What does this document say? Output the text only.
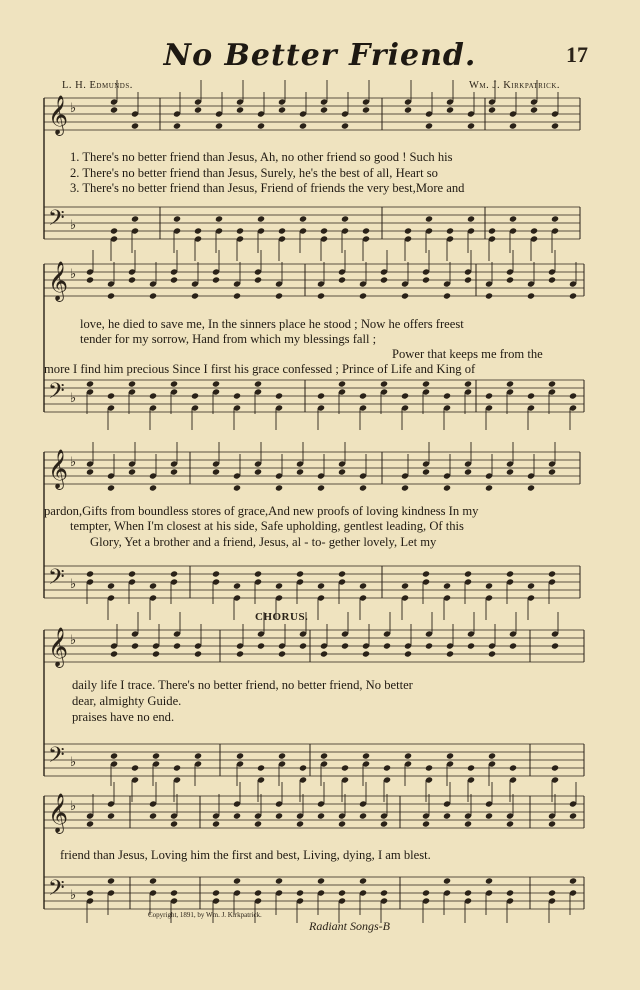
No Better Friend.	17
L. H. Edmunds.	Wm. J. Kirkpatrick.
𝄞 ♭
𝄢 ♭
𝄞 ♭
𝄢 ♭
𝄞 ♭
𝄢 ♭
𝄞 ♭
𝄢 ♭
𝄞 ♭
𝄢 ♭
1. There's no better friend than Jesus, Ah, no other friend so good ! Such his
2. There's no better friend than Jesus, Surely, he's the best of all, Heart so
3. There's no better friend than Jesus, Friend of friends the very best,More and
love, he died to save me, In the sinners place he stood ; Now he offers freest
tender for my sorrow, Hand from which my blessings fall ;
Power that keeps me from the
more I find him precious Since I first his grace confessed ; Prince of Life and King of
pardon,Gifts from boundless stores of grace,And new proofs of loving kindness In my
tempter, When I'm closest at his side, Safe upholding, gentlest leading, Of this
Glory, Yet a brother and a friend, Jesus, al - to- gether lovely, Let my
CHORUS.
daily life I trace. There's no better friend, no better friend, No better
dear, almighty Guide.
praises have no end.
friend than Jesus, Loving him the first and best, Living, dying, I am blest.
Copyright, 1891, by Wm. J. Kirkpatrick.
Radiant Songs-B
